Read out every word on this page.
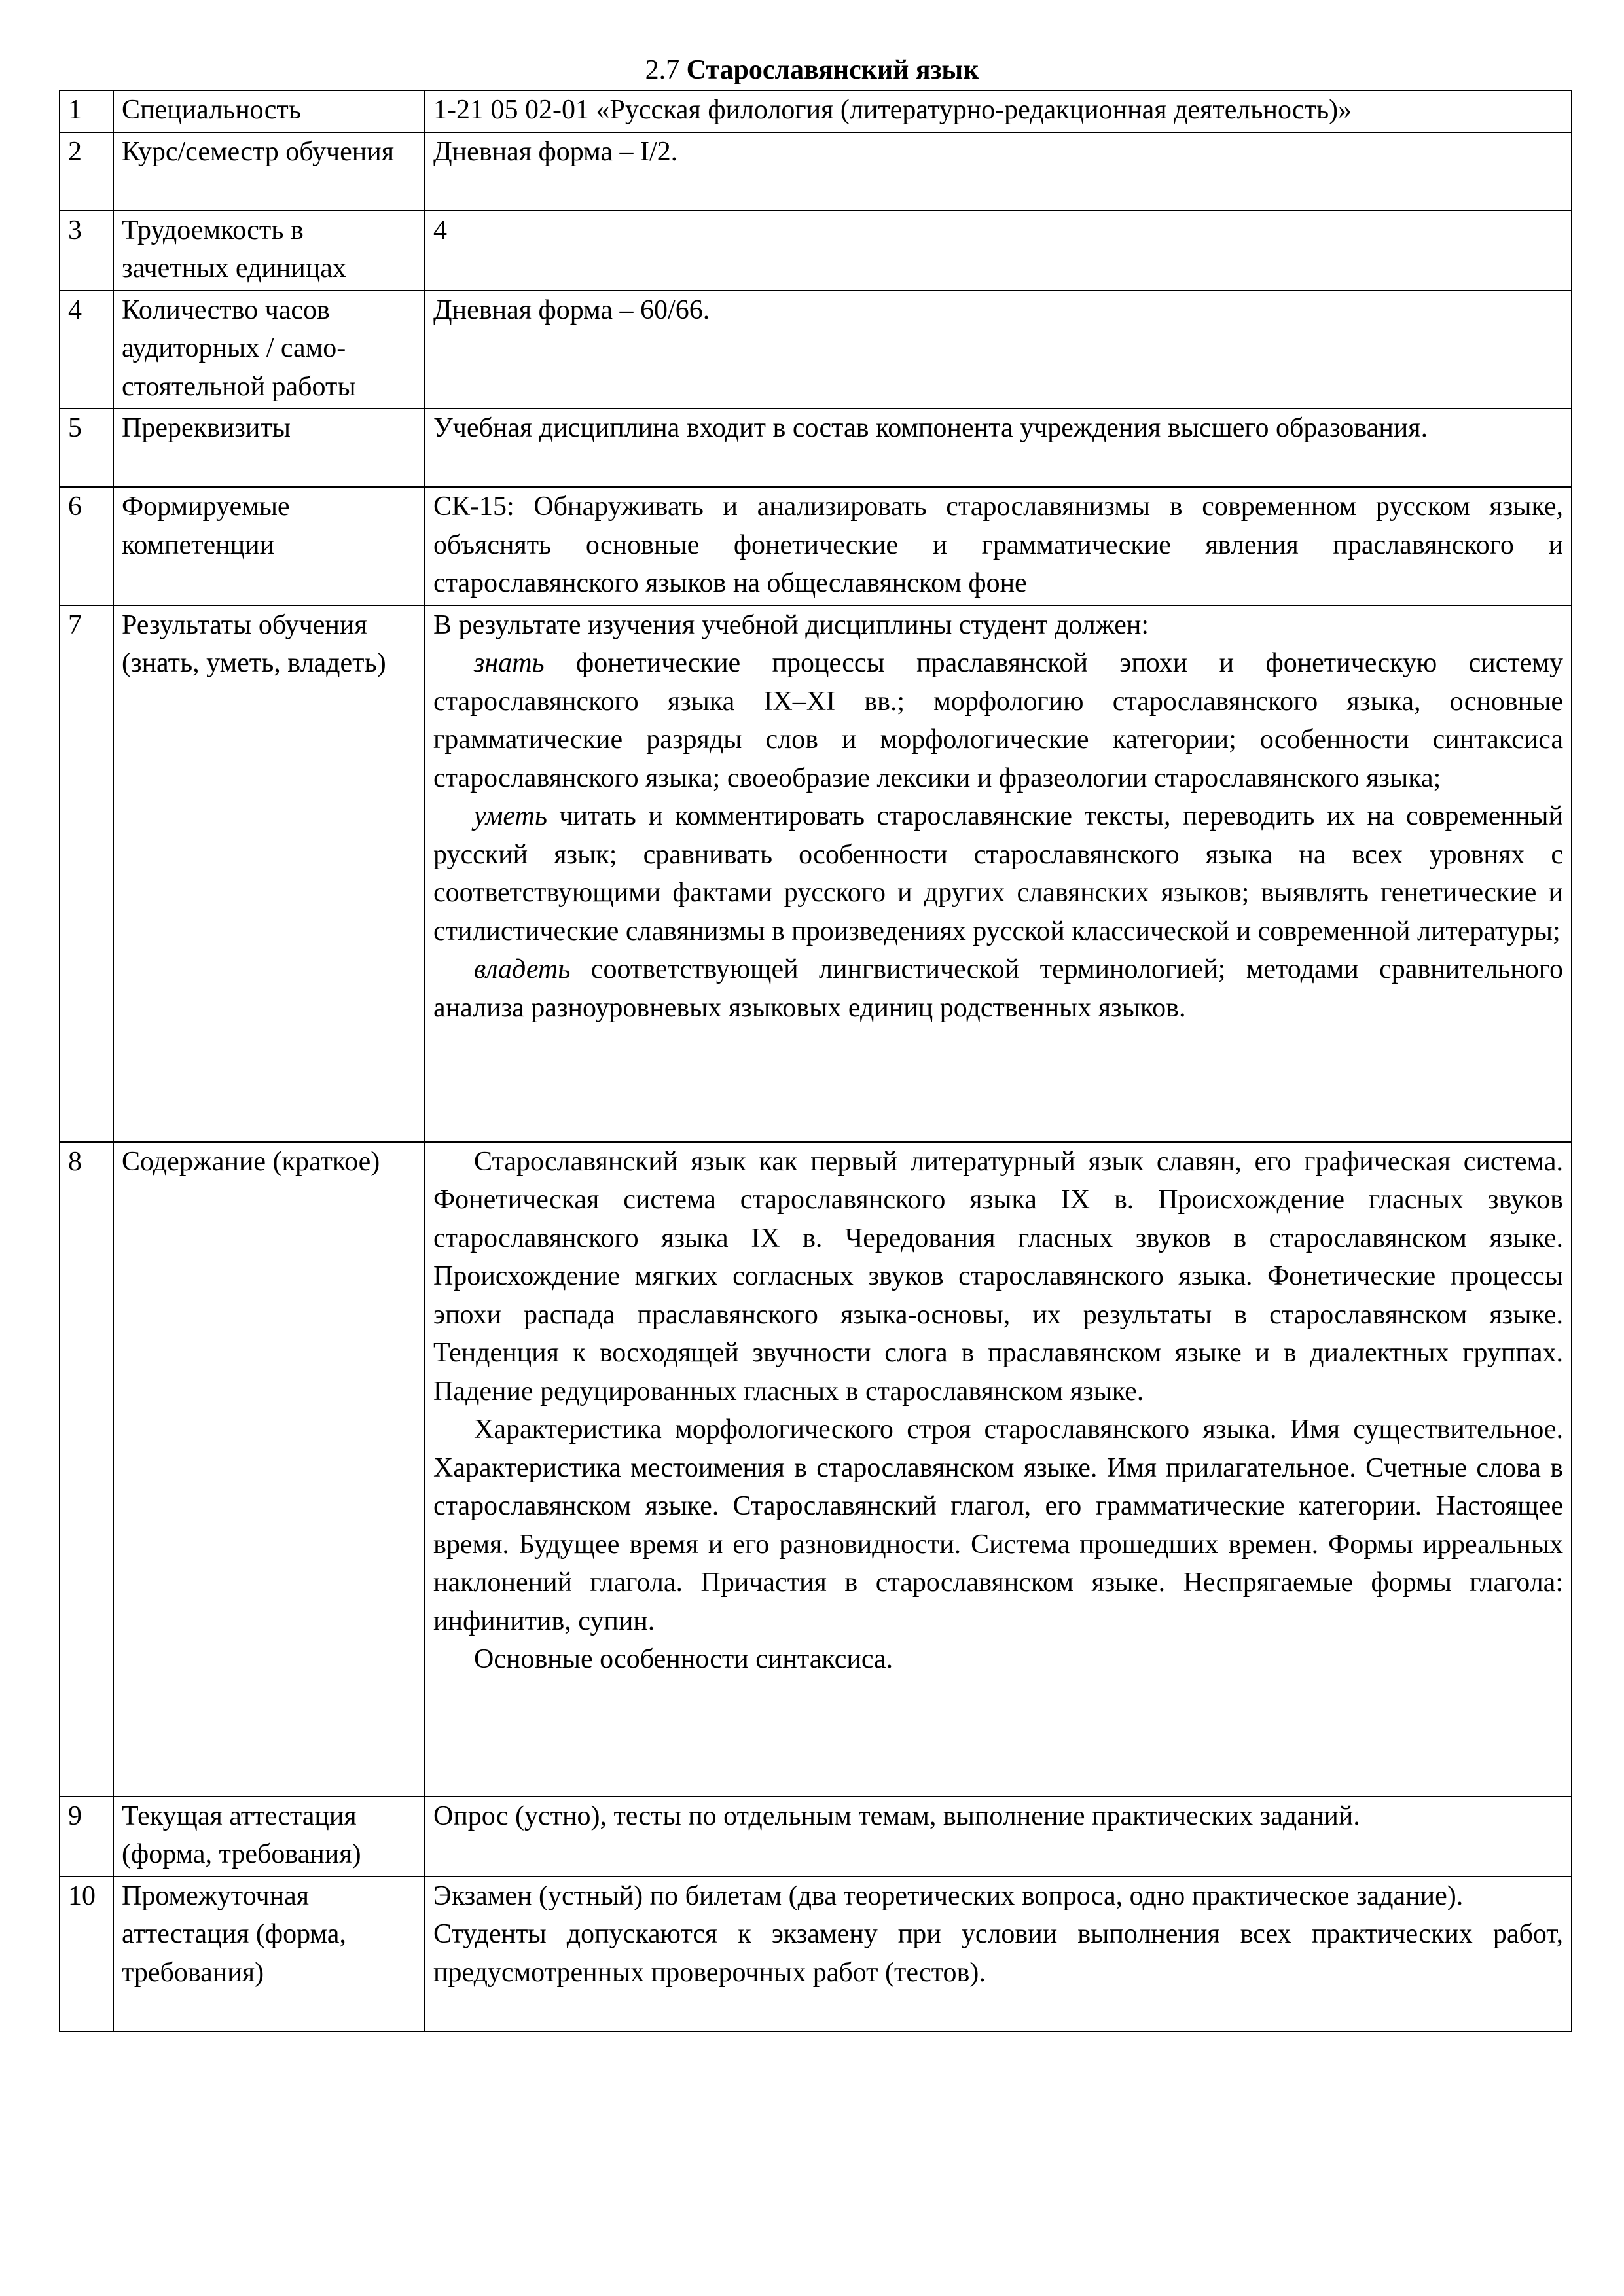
2.7 Старославянский язык
1	Специальность	1-21 05 02-01 «Русская филология (литературно-редакционная деятельность)»

2	Курс/семестр обучения	Дневная форма – I/2.

3	Трудоемкость в зачетных единицах	4

4	Количество часов аудиторных / само-стоятельной работы	Дневная форма – 60/66.

5	Пререквизиты	Учебная дисциплина входит в состав компонента учреждения высшего образования.

6	Формируемые компетенции	СК-15: Обнаруживать и анализировать старославянизмы в современном русском языке, объяснять основные фонетические и грамматические явления праславянского и старославянского языков на общеславянском фоне

7	Результаты обучения (знать, уметь, владеть)	В результате изучения учебной дисциплины студент должен:

знать фонетические процессы праславянской эпохи и фонетическую систему старославянского языка IX–XI вв.; морфологию старославянского языка, основные грамматические разряды слов и морфологические категории; особенности синтаксиса старославянского языка; своеобразие лексики и фразеологии старославянского языка;

уметь читать и комментировать старославянские тексты, переводить их на современный русский язык; сравнивать особенности старославянского языка на всех уровнях с соответствующими фактами русского и других славянских языков; выявлять генетические и стилистические славянизмы в произведениях русской классической и современной литературы;

владеть соответствующей лингвистической терминологией; методами сравнительного анализа разноуровневых языковых единиц родственных языков.

8	Содержание (краткое)	Старославянский язык как первый литературный язык славян, его графическая система. Фонетическая система старославянского языка IX в. Происхождение гласных звуков старославянского языка IX в. Чередования гласных звуков в старославянском языке. Происхождение мягких согласных звуков старославянского языка. Фонетические процессы эпохи распада праславянского языка-основы, их результаты в старославянском языке. Тенденция к восходящей звучности слога в праславянском языке и в диалектных группах. Падение редуцированных гласных в старославянском языке.

Характеристика морфологического строя старославянского языка. Имя существительное. Характеристика местоимения в старославянском языке. Имя прилагательное. Счетные слова в старославянском языке. Старославянский глагол, его грамматические категории. Настоящее время. Будущее время и его разновидности. Система прошедших времен. Формы ирреальных наклонений глагола. Причастия в старославянском языке. Неспрягаемые формы глагола: инфинитив, супин.

Основные особенности синтаксиса.

9	Текущая аттестация (форма, требования)	Опрос (устно), тесты по отдельным темам, выполнение практических заданий.

10	Промежуточная аттестация (форма, требования)	Экзамен (устный) по билетам (два теоретических вопроса, одно практическое задание).

Студенты допускаются к экзамену при условии выполнения всех практических работ, предусмотренных проверочных работ (тестов).
